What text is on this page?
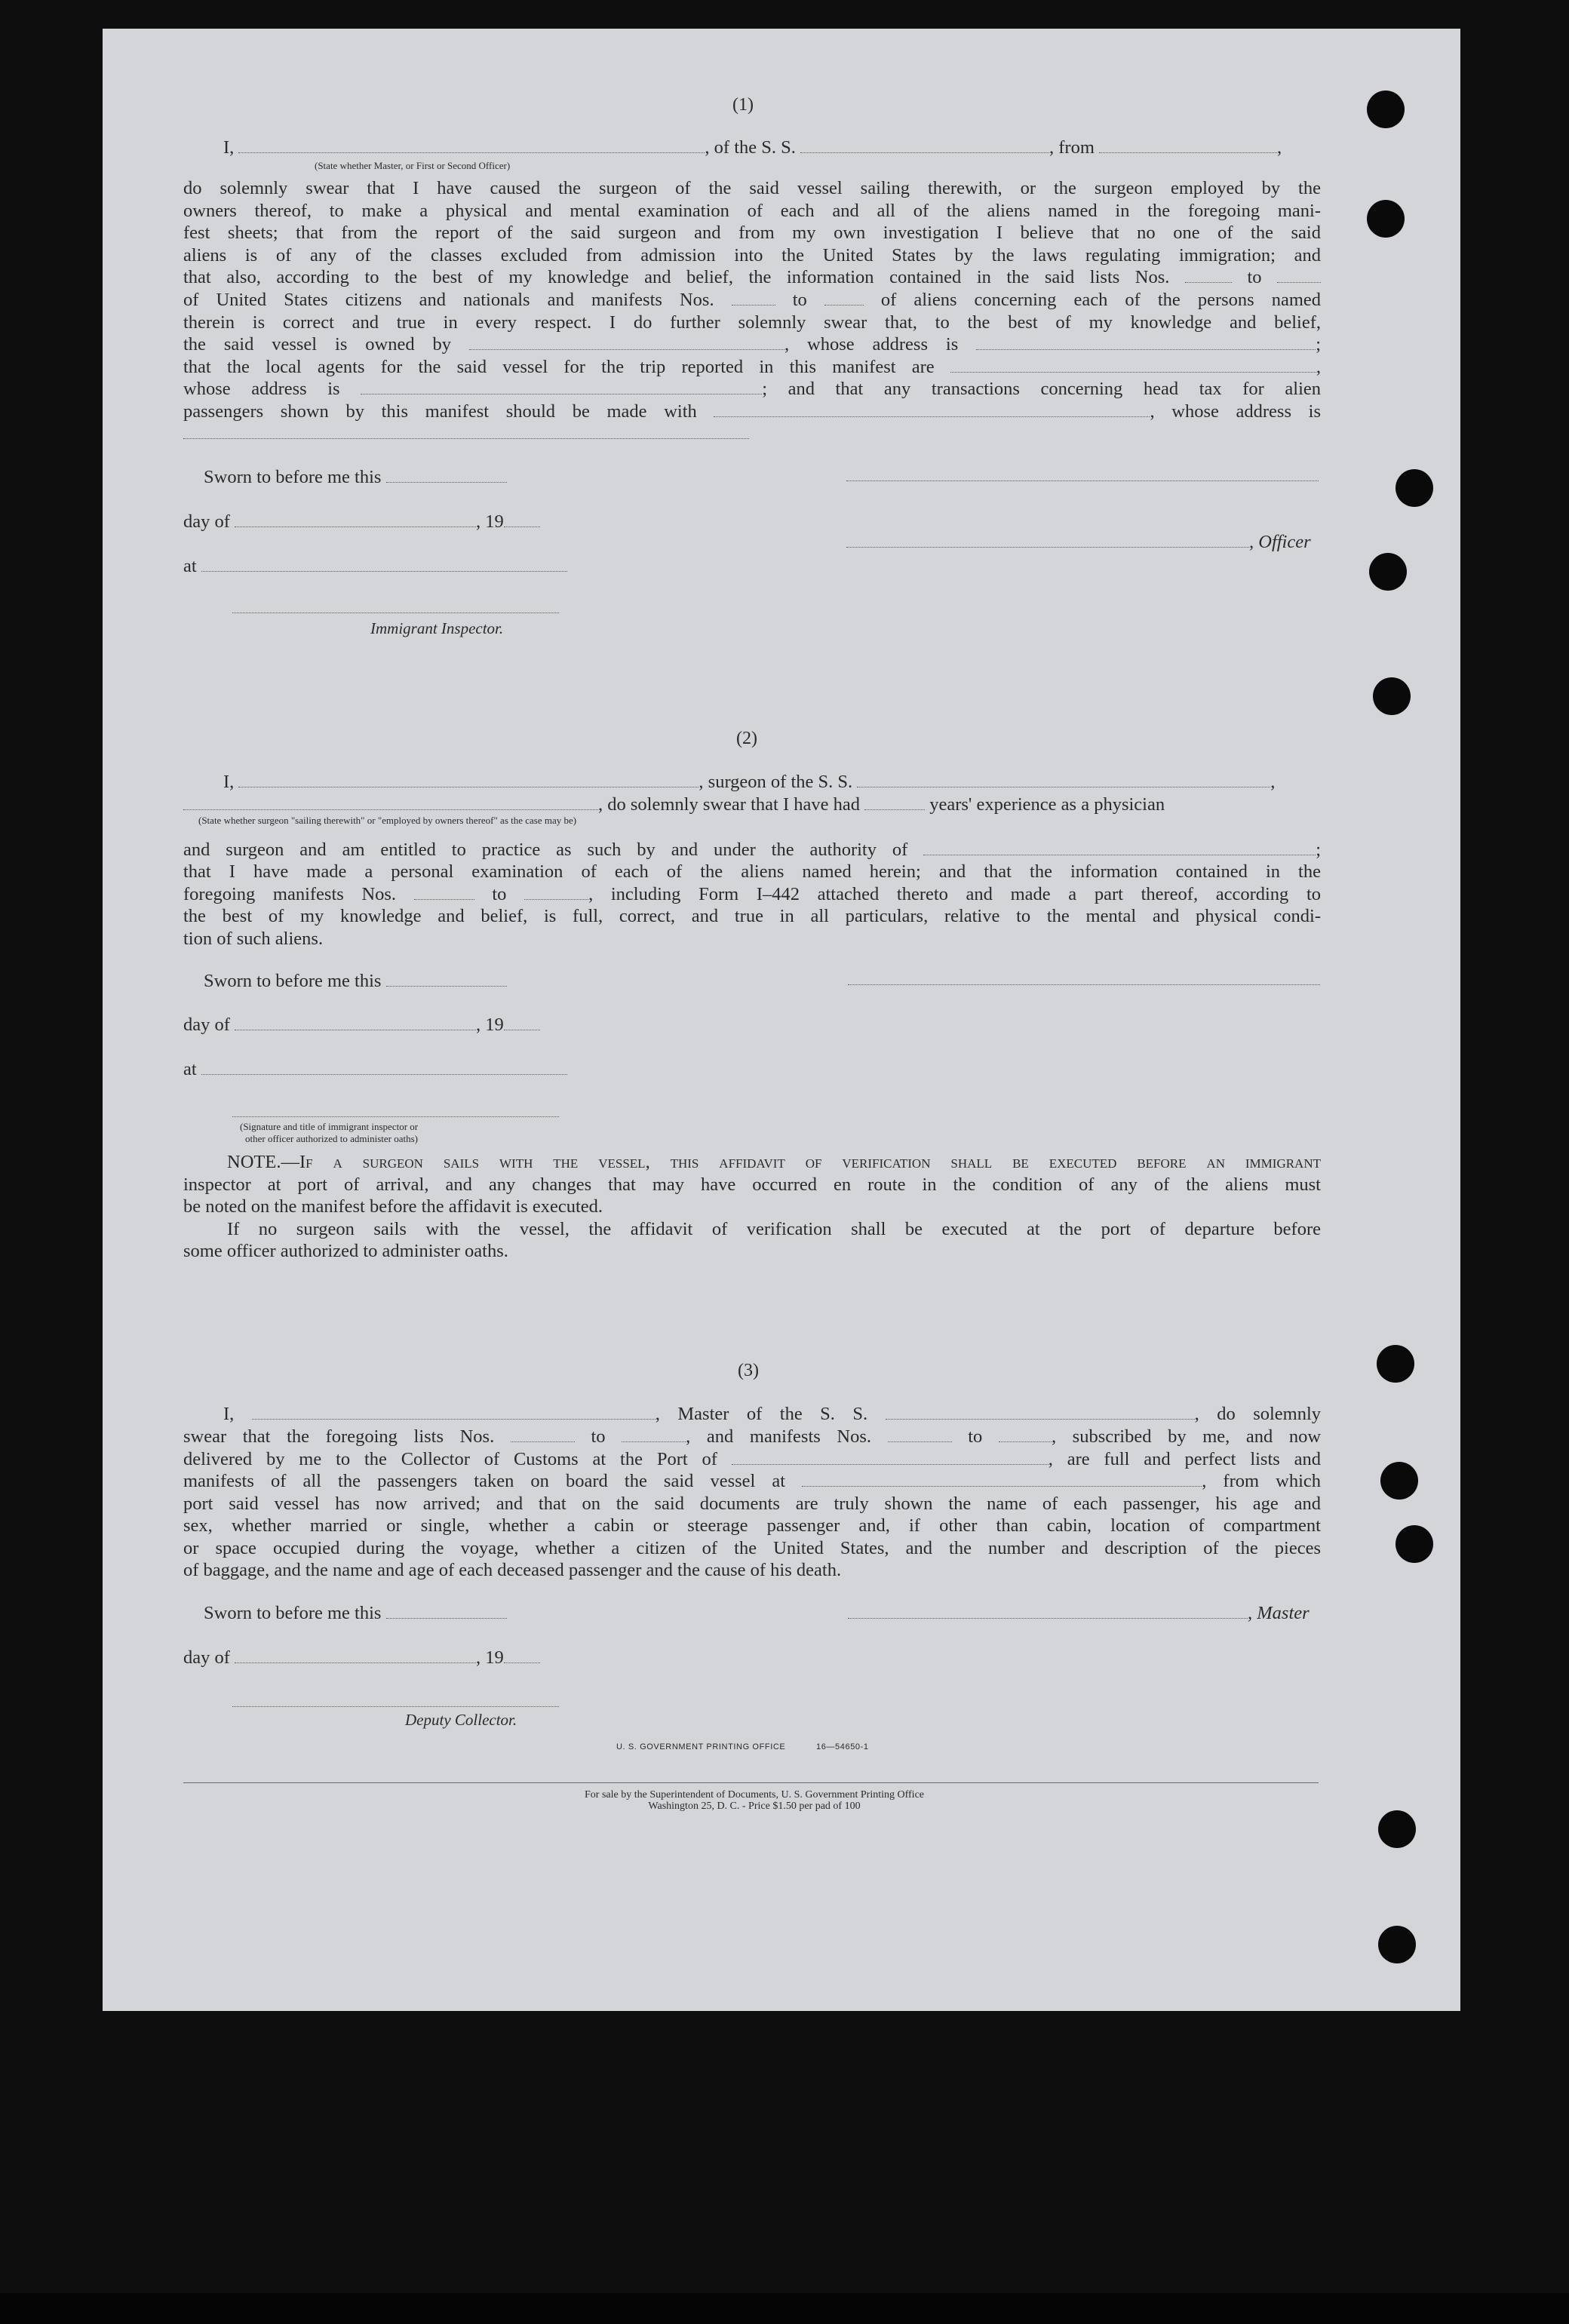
(1)
I,	, of the S. S.	, from	,
(State whether Master, or First or Second Officer)
do solemnly swear that I have caused the surgeon of the said vessel sailing therewith, or the surgeon employed by the
owners thereof, to make a physical and mental examination of each and all of the aliens named in the foregoing mani-
fest sheets; that from the report of the said surgeon and from my own investigation I believe that no one of the said
aliens is of any of the classes excluded from admission into the United States by the laws regulating immigration; and
that also, according to the best of my knowledge and belief, the information contained in the said lists Nos.	to
of United States citizens and nationals and manifests Nos.	to	of aliens concerning each of the persons named
therein is correct and true in every respect. I do further solemnly swear that, to the best of my knowledge and belief,
the said vessel is owned by	, whose address is	;
that the local agents for the said vessel for the trip reported in this manifest are	,
whose address is	; and that any transactions concerning head tax for alien
passengers shown by this manifest should be made with	, whose address is
Sworn to before me this
day of	, 19
, Officer
at
Immigrant Inspector.
(2)
I,	, surgeon of the S. S.	,
, do solemnly swear that I have had	years' experience as a physician
(State whether surgeon "sailing therewith" or "employed by owners thereof" as the case may be)
and surgeon and am entitled to practice as such by and under the authority of	;
that I have made a personal examination of each of the aliens named herein; and that the information contained in the
foregoing manifests Nos.	to	, including Form I–442 attached thereto and made a part thereof, according to
the best of my knowledge and belief, is full, correct, and true in all particulars, relative to the mental and physical condi-
tion of such aliens.
Sworn to before me this
day of	, 19
at
(Signature and title of immigrant inspector or
other officer authorized to administer oaths)
NOTE.—If a surgeon sails with the vessel, this affidavit of verification shall be executed before an immigrant
inspector at port of arrival, and any changes that may have occurred en route in the condition of any of the aliens must
be noted on the manifest before the affidavit is executed.
If no surgeon sails with the vessel, the affidavit of verification shall be executed at the port of departure before
some officer authorized to administer oaths.
(3)
I,	, Master of the S. S.	, do solemnly
swear that the foregoing lists Nos.	to	, and manifests Nos.	to	, subscribed by me, and now
delivered by me to the Collector of Customs at the Port of	, are full and perfect lists and
manifests of all the passengers taken on board the said vessel at	, from which
port said vessel has now arrived; and that on the said documents are truly shown the name of each passenger, his age and
sex, whether married or single, whether a cabin or steerage passenger and, if other than cabin, location of compartment
or space occupied during the voyage, whether a citizen of the United States, and the number and description of the pieces
of baggage, and the name and age of each deceased passenger and the cause of his death.
Sworn to before me this	, Master
day of	, 19
Deputy Collector.
U. S. GOVERNMENT PRINTING OFFICE	16—54650-1
For sale by the Superintendent of Documents, U. S. Government Printing Office
Washington 25, D. C. - Price $1.50 per pad of 100
